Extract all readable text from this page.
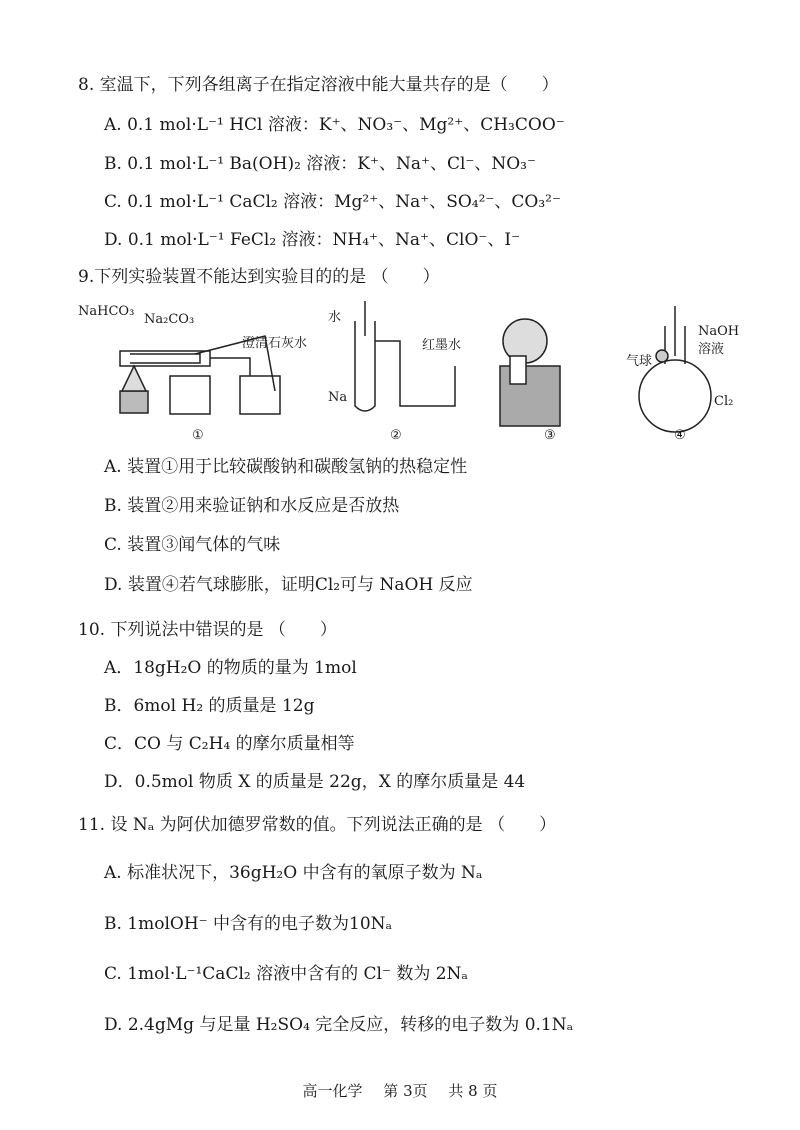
8. 室温下，下列各组离子在指定溶液中能大量共存的是（　　）
A. 0.1 mol·L⁻¹ HCl 溶液：K⁺、NO₃⁻、Mg²⁺、CH₃COO⁻
B. 0.1 mol·L⁻¹ Ba(OH)₂ 溶液：K⁺、Na⁺、Cl⁻、NO₃⁻
C. 0.1 mol·L⁻¹ CaCl₂ 溶液：Mg²⁺、Na⁺、SO₄²⁻、CO₃²⁻
D. 0.1 mol·L⁻¹ FeCl₂ 溶液：NH₄⁺、Na⁺、ClO⁻、I⁻
9.下列实验装置不能达到实验目的的是 （　　）
NaHCO₃
Na₂CO₃
澄清石灰水
①
水
红墨水
Na
②	③
NaOH
溶液
气球
Cl₂
④
A. 装置①用于比较碳酸钠和碳酸氢钠的热稳定性
B. 装置②用来验证钠和水反应是否放热
C. 装置③闻气体的气味
D. 装置④若气球膨胀，证明Cl₂可与 NaOH 反应
10. 下列说法中错误的是 （　　）
A．18gH₂O 的物质的量为 1mol
B．6mol H₂ 的质量是 12g
C．CO 与 C₂H₄ 的摩尔质量相等
D．0.5mol 物质 X 的质量是 22g，X 的摩尔质量是 44
11. 设 Nₐ 为阿伏加德罗常数的值。下列说法正确的是 （　　）
A. 标准状况下，36gH₂O 中含有的氧原子数为 Nₐ
B. 1molOH⁻ 中含有的电子数为10Nₐ
C. 1mol·L⁻¹CaCl₂ 溶液中含有的 Cl⁻ 数为 2Nₐ
D. 2.4gMg 与足量 H₂SO₄ 完全反应，转移的电子数为 0.1Nₐ
高一化学 第 3页 共 8 页
